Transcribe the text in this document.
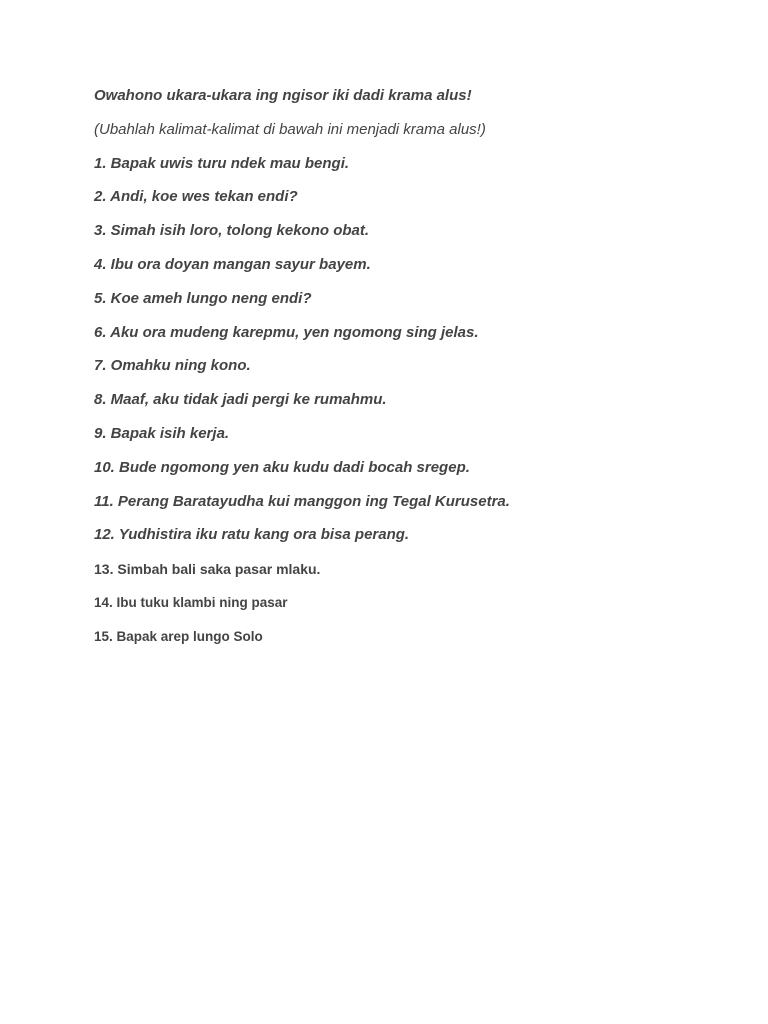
Owahono ukara-ukara ing ngisor iki dadi krama alus!

(Ubahlah kalimat-kalimat di bawah ini menjadi krama alus!)

1. Bapak uwis turu ndek mau bengi.

2. Andi, koe wes tekan endi?

3. Simah isih loro, tolong kekono obat.

4. Ibu ora doyan mangan sayur bayem.

5. Koe ameh lungo neng endi?

6. Aku ora mudeng karepmu, yen ngomong sing jelas.

7. Omahku ning kono.

8. Maaf, aku tidak jadi pergi ke rumahmu.

9. Bapak isih kerja.

10. Bude ngomong yen aku kudu dadi bocah sregep.

11. Perang Baratayudha kui manggon ing Tegal Kurusetra.

12. Yudhistira iku ratu kang ora bisa perang.

13. Simbah bali saka pasar mlaku.

14. Ibu tuku klambi ning pasar

15. Bapak arep lungo Solo
